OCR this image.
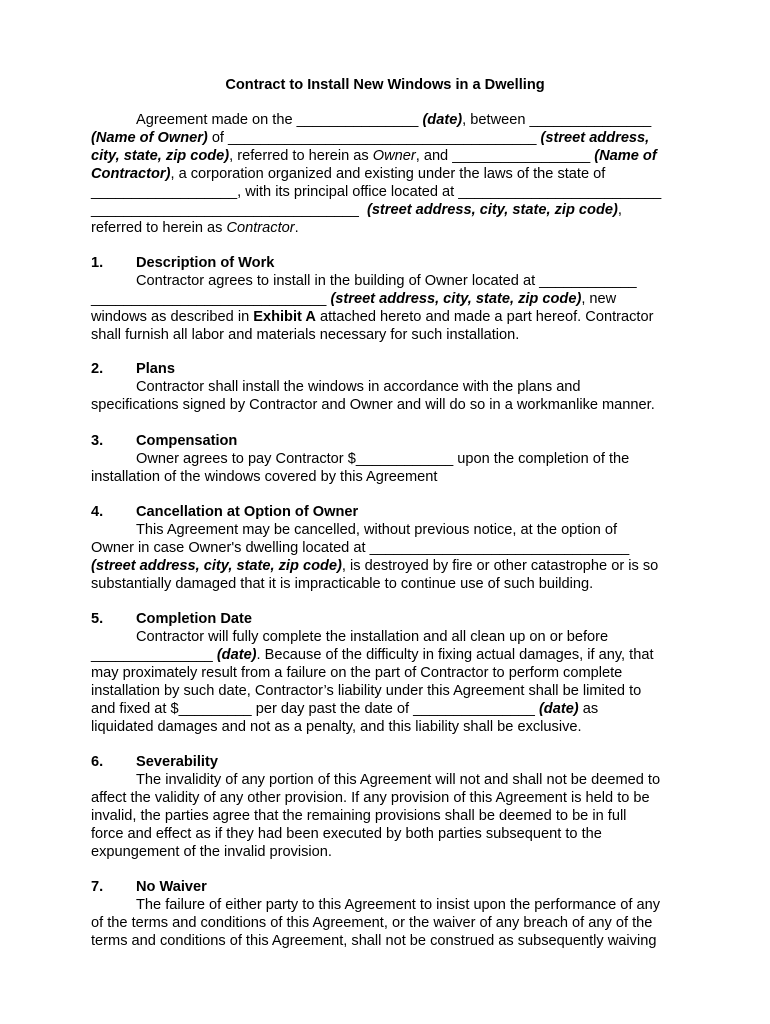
Contract to Install New Windows in a Dwelling
Agreement made on the _______________ (date), between _______________
(Name of Owner) of ______________________________________ (street address,
city, state, zip code), referred to herein as Owner, and _________________ (Name of
Contractor), a corporation organized and existing under the laws of the state of
__________________, with its principal office located at _________________________
_________________________________  (street address, city, state, zip code),
referred to herein as Contractor.
1. Description of Work
Contractor agrees to install in the building of Owner located at ____________
_____________________________ (street address, city, state, zip code), new
windows as described in Exhibit A attached hereto and made a part hereof. Contractor
shall furnish all labor and materials necessary for such installation.
2. Plans
Contractor shall install the windows in accordance with the plans and
specifications signed by Contractor and Owner and will do so in a workmanlike manner.
3. Compensation
Owner agrees to pay Contractor $____________ upon the completion of the
installation of the windows covered by this Agreement
4. Cancellation at Option of Owner
This Agreement may be cancelled, without previous notice, at the option of
Owner in case Owner's dwelling located at ________________________________
(street address, city, state, zip code), is destroyed by fire or other catastrophe or is so
substantially damaged that it is impracticable to continue use of such building.
5. Completion Date
Contractor will fully complete the installation and all clean up on or before
_______________ (date). Because of the difficulty in fixing actual damages, if any, that
may proximately result from a failure on the part of Contractor to perform complete
installation by such date, Contractor’s liability under this Agreement shall be limited to
and fixed at $_________ per day past the date of _______________ (date) as
liquidated damages and not as a penalty, and this liability shall be exclusive.
6. Severability
The invalidity of any portion of this Agreement will not and shall not be deemed to
affect the validity of any other provision. If any provision of this Agreement is held to be
invalid, the parties agree that the remaining provisions shall be deemed to be in full
force and effect as if they had been executed by both parties subsequent to the
expungement of the invalid provision.
7. No Waiver
The failure of either party to this Agreement to insist upon the performance of any
of the terms and conditions of this Agreement, or the waiver of any breach of any of the
terms and conditions of this Agreement, shall not be construed as subsequently waiving
